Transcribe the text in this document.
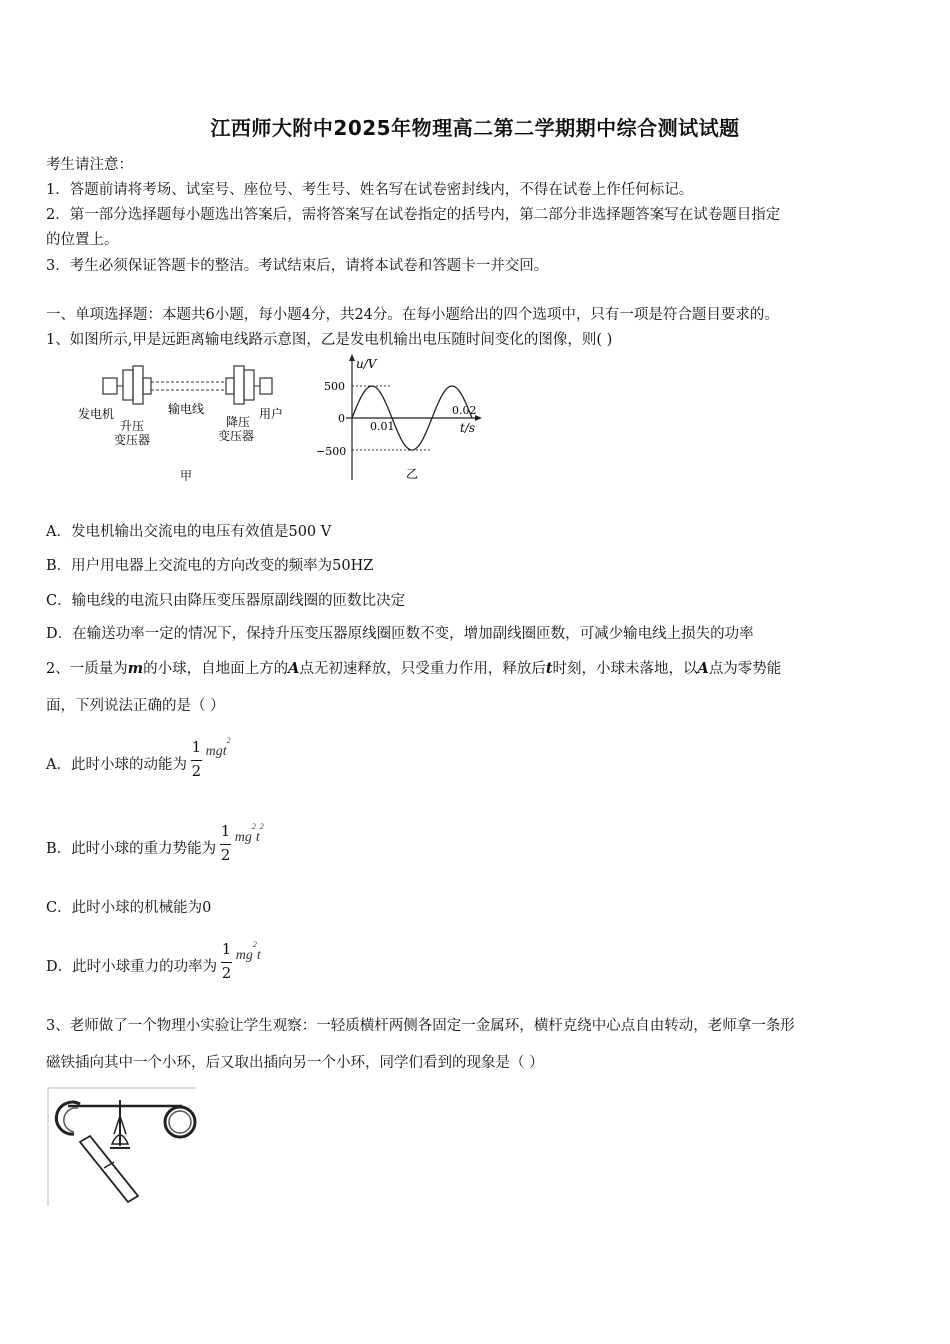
江西师大附中2025年物理高二第二学期期中综合测试试题
考生请注意：
1．答题前请将考场、试室号、座位号、考生号、姓名写在试卷密封线内，不得在试卷上作任何标记。
2．第一部分选择题每小题选出答案后，需将答案写在试卷指定的括号内，第二部分非选择题答案写在试卷题目指定
的位置上。
3．考生必须保证答题卡的整洁。考试结束后，请将本试卷和答题卡一并交回。
一、单项选择题：本题共6小题，每小题4分，共24分。在每小题给出的四个选项中，只有一项是符合题目要求的。
1、如图所示,甲是远距离输电线路示意图，乙是发电机输出电压随时间变化的图像，则( )
发电机	输电线	用户
升压
变压器
降压
变压器
甲
u/V
t/s
500
0
−500
0.01
0.02
乙
A．发电机输出交流电的电压有效值是500 V
B．用户用电器上交流电的方向改变的频率为50HZ
C．输电线的电流只由降压变压器原副线圈的匝数比决定
D．在输送功率一定的情况下，保持升压变压器原线圈匝数不变，增加副线圈匝数，可减少输电线上损失的功率
2、一质量为m的小球，自地面上方的A点无初速释放，只受重力作用，释放后t时刻，小球未落地，以A点为零势能
面，下列说法正确的是（ ）
A．此时小球的动能为
$\frac{1}{2}$
mgt$^2$
B．此时小球的重力势能为
$\frac{1}{2}$
$mg^2t^2$
C．此时小球的机械能为0
D．此时小球重力的功率为
$\frac{1}{2}$
$mg^2t$
3、老师做了一个物理小实验让学生观察：一轻质横杆两侧各固定一金属环，横杆克绕中心点自由转动，老师拿一条形
磁铁插向其中一个小环，后又取出插向另一个小环，同学们看到的现象是（ ）
